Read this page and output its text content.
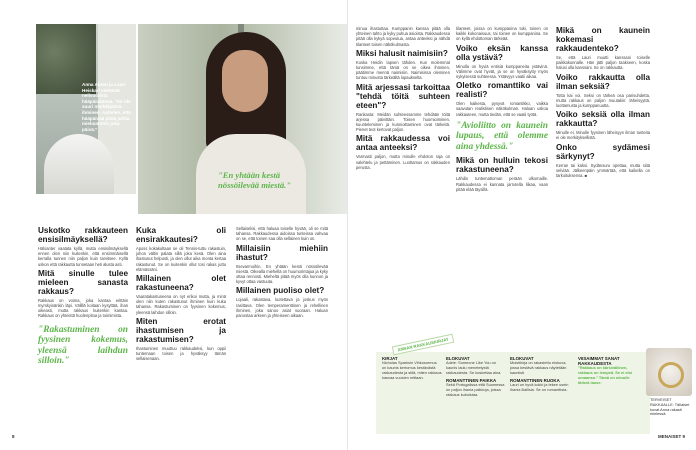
Anna Abreu ja Lauri Heiskari viettävät nelivuotista hääpäiväänsä. "En ole suuri merkkipäivä-ihminen. Aattelen, että hääpäivää pitää juhlia mieluummin joka päivä."
"En yhtään kestä nössöilevää miestä."
Uskotko rakkauteen ensisilmäyksellä?

Hälsanter vaatata kyllä, mutta ensisilmäyksellä ennen olen niin kuitenkin, että ensimmäisellä kerralla tunnen niin paljon kuin tarvitsee. Kyllä uskon että rakkautta tunnetaan heti alusta asti.

Mitä sinulle tulee mieleen sanasta rakkaus?

Rakkaus on voima, joka kantaa erittäin myrskyisänkin läpi. Välillä koitaan kysyttää, ihan oikeasti, mutta rakkaus kuitenkin kantaa. Rakkaus on yhteistä huolenpitoa ja toimimista.

"Rakastuminen on fyysinen kokemus, yleensä laihdun silloin."
Kuka oli ensirakkautesi?

Aposs kokakultaan se oli Tennis-tuttu rakastuin, johon vältin palata sillä joka kesä. Olen aina ihastunut helposti, ja olen ollut aika monta kertaa rakastunut. Se on kuitenkin ollut tosi rakas juttu elämässäni.

Millainen olet rakastuneena?

Vaaratakastuneena on nyt erikoi mutta, ja minä olen niin kuten rakastunut ihminen kuin kuka tahansa. Rakastuminen on fyysinen kokemus, yleensä laihdun silloin.

Miten erotat ihastumisen ja rakastumisen?

Ihastuminen muuttuu rakkaudeksi, kun oppii tuntemaan toisen ja hyväksyy tämän sellaisenaan.

Sellaiseksi, että haluaa toiselle hyvää, oli se mitä tahansa. Rakkaudessa aidoissa tunteissa vahvaa on se, että toinen saa olla sellainen kuin on.

Millaisiin miehiin ihastut?

Itsevarmoihin. En yhtään kestä nössöilevää miestä. Oikealla miehellä on huumorintajua ja kyky ottaa rennosti. Mieheltä pitää myös olla kunnon ja kyvyt ottaa vastuuta.

Millainen puoliso olet?

Lojaali, rakastava, luotettava ja joskus myös rasittava. Olen temperamenttinen ja rehellinen ihminen, joka sanoo asiat suoraan. Haluan panostaa arkeen ja yhteiseen aikaan.

8

minua ihastuttaa. Kumppanin kanssa pitää olla yhteinen tahto ja kyky puhua asioista. Rakkaudessa pitää olla kykyä sopeutua, antaa anteeksi ja nähdä tilanteet toisen näkökulmasta.

Miksi halusit naimisiin?

Koska Heidin lapsen tähden. Kun molemmat tunsimme, että tämä on se oikea ihminen, päätimme mennä naimisiin. Naimisissa oleminen tuntuu minusta tärkeältä lupaukselta.

Mitä arjessasi tarkoittaa "tehdä töitä suhteen eteen"?

Rankasta: Meidän suhteessamme tehdään töitä arjessa päivittäin. Toisen huomioiminen, kuunteleminen ja kunnioittaminen ovat tärkeitä. Pienet teot kertovat paljon.

Mitä rakkaudessa voi antaa anteeksi?

Varmasti paljon, mutta minulle ehdoton raja on valehtelu ja pettäminen. Luottamus on rakkauden perusta.

tilanteet, joissa on kumppanina tuki, toinen on kaikki kokonaisuus, tai toinen on kumppanina. Se on kyllä ehdottoman tärkeää.

Voiko eksän kanssa olla ystävä?

Minulla on hyviä entisiä kumppaneita ystävinä. Välimme ovat hyvät, ja se on hyväksytty myös nykyisessä suhteessa. Ystävyys vaatii aikaa.

Oletko romanttiko vai realisti?

Olen kaikesta, pysyvä romantikko, vaikka saavutan realistisen näkökulman. Haluan uskoa rakkauteen, mutta tiedän, että se vaatii työtä.

"Avioliitto on kaunein lupaus, että olemme aina yhdessä."
Mikä on hulluin tekosi rakastuneena?

Lähdin tuntemattoman perään ulkomaille. Rakkaudessa ei kannata jarrutella liikaa, vaan pitää elää täysillä.

Mikä on kaunein kokemasi rakkaudenteko?

Se, että Lauri muutti kanssani toiselle paikkakunnalle. Hän jätti paljon taakseen, koska halusi olla kanssani. Se on rakkautta.

Voiko rakkautta olla ilman seksiä?

Totta kai voi. Seksi on tärkeä osa parisuhdetta, mutta rakkaus on paljon muutakin: läheisyyttä, luottamusta ja kumppanuutta.

Voiko seksiä olla ilman rakkautta?

Minulle ei. Minulle fyysinen läheisyys ilman tunteita ei ole merkityksellistä.

Onko sydämesi särkynyt?

Kerran tai kaksi. Sydänsuru opettaa, mutta siitä selviää. Jälkeenpäin ymmärtää, että kaikella on tarkoituksensa. ■

MENAISET 9
ANNAN RAKKAUSKIRJAT
KIRJAT
Nicholas Sparksin Vihkosormus on kaunis kertomus kestävästä rakkaudesta ja siitä, miten rakkaus kasvaa vuosien mittaan.
ELOKUVAT
Adele: Someone Like You on kaunis laulu menetetystä rakkaudesta. Se koskettaa aina.
ROMANTTINEN PAIKKA
Sekä Portugalissa että Suomessa on paljon ihania paikkoja, joissa rakkaus kukoistaa.
ELOKUVAT
Muistikirja on rakastettu elokuva, jossa kestävä rakkaus näytetään kauniisti.
ROMANTTINEN RUOKA
Lauri on hyvä kokki ja tekee usein ihania illallisia. Se on romanttista.
VIISAIMMAT SANAT RAKKAUDESTA
"Rakkaus on kärsivällinen, rakkaus on lempeä. Se ei etsi omaansa." Tämä on minulle tärkeä lause.
TERVEISET RAKKAALLE: Tällaiset kuvat Anna rakasti mielessä.
